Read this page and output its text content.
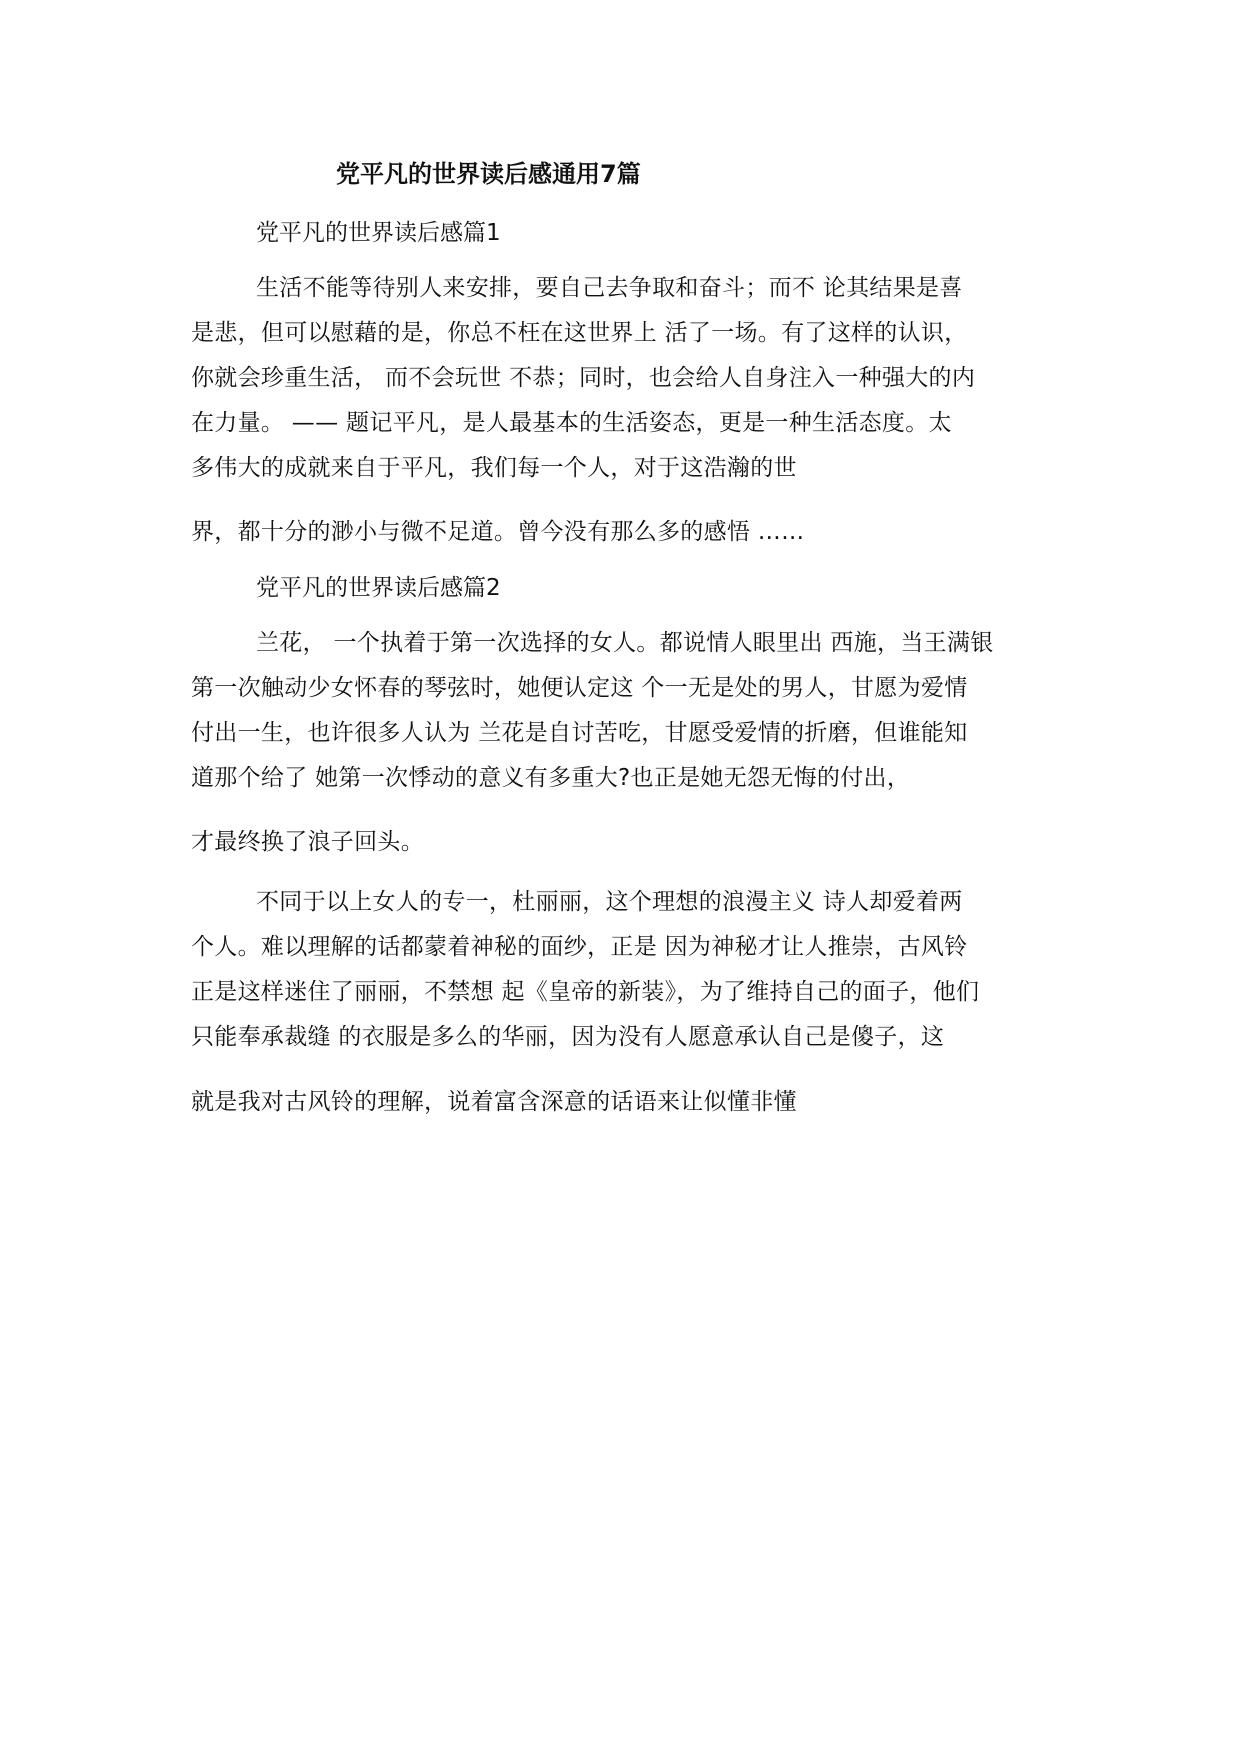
党平凡的世界读后感通用7篇
党平凡的世界读后感篇1
生活不能等待别人来安排，要自己去争取和奋斗；而不 论其结果是喜
是悲，但可以慰藉的是，你总不枉在这世界上 活了一场。有了这样的认识，
你就会珍重生活， 而不会玩世 不恭；同时，也会给人自身注入一种强大的内
在力量。 —— 题记平凡，是人最基本的生活姿态，更是一种生活态度。太
多伟大的成就来自于平凡，我们每一个人，对于这浩瀚的世
界，都十分的渺小与微不足道。曾今没有那么多的感悟 ……
党平凡的世界读后感篇2
兰花， 一个执着于第一次选择的女人。都说情人眼里出 西施，当王满银
第一次触动少女怀春的琴弦时，她便认定这 个一无是处的男人，甘愿为爱情
付出一生，也许很多人认为 兰花是自讨苦吃，甘愿受爱情的折磨，但谁能知
道那个给了 她第一次悸动的意义有多重大?也正是她无怨无悔的付出，
才最终换了浪子回头。
不同于以上女人的专一，杜丽丽，这个理想的浪漫主义 诗人却爱着两
个人。难以理解的话都蒙着神秘的面纱，正是 因为神秘才让人推崇，古风铃
正是这样迷住了丽丽，不禁想 起《皇帝的新装》，为了维持自己的面子，他们
只能奉承裁缝 的衣服是多么的华丽，因为没有人愿意承认自己是傻子，这
就是我对古风铃的理解，说着富含深意的话语来让似懂非懂
